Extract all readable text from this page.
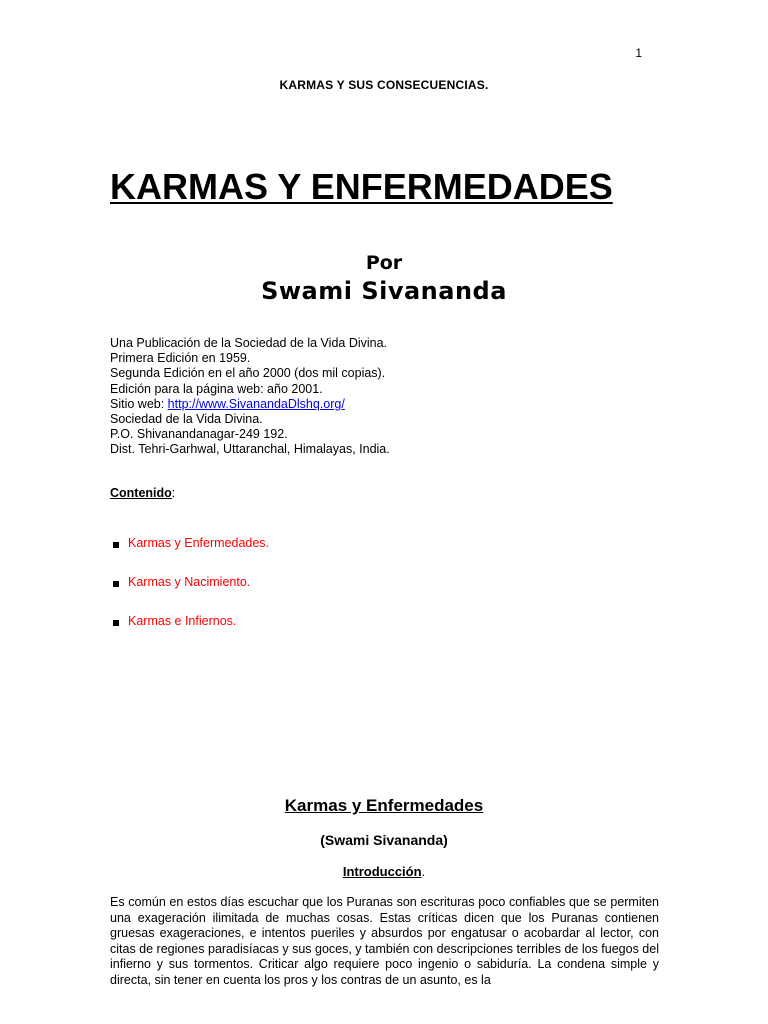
1
KARMAS Y SUS CONSECUENCIAS.
KARMAS Y ENFERMEDADES
Por
Swami Sivananda
Una Publicación de la Sociedad de la Vida Divina.
Primera Edición en 1959.
Segunda Edición en el año 2000 (dos mil copias).
Edición para la página web: año 2001.
Sitio web: http://www.SivanandaDlshq.org/
Sociedad de la Vida Divina.
P.O. Shivanandanagar-249 192.
Dist. Tehri-Garhwal, Uttaranchal, Himalayas, India.
Contenido:
Karmas y Enfermedades.
Karmas y Nacimiento.
Karmas e Infiernos.
Karmas y Enfermedades
(Swami Sivananda)
Introducción.

Es común en estos días escuchar que los Puranas son escrituras poco confiables que se permiten una exageración ilimitada de muchas cosas. Estas críticas dicen que los Puranas contienen gruesas exageraciones, e intentos pueriles y absurdos por engatusar o acobardar al lector, con citas de regiones paradisíacas y sus goces, y también con descripciones terribles de los fuegos del infierno y sus tormentos. Criticar algo requiere poco ingenio o sabiduría. La condena simple y directa, sin tener en cuenta los pros y los contras de un asunto, es la
